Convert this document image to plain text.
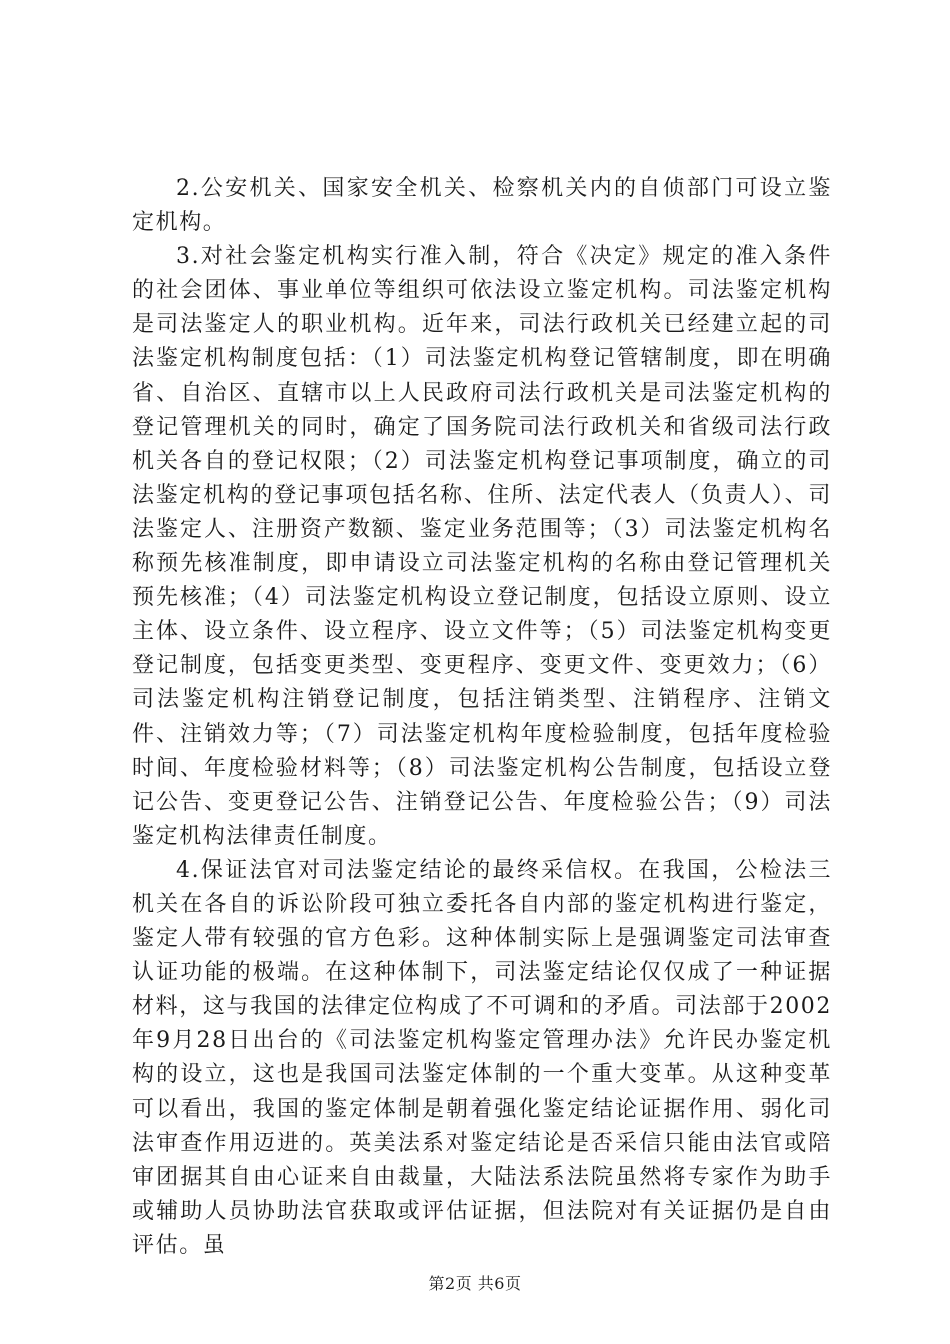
2.公安机关、国家安全机关、检察机关内的自侦部门可设立鉴定机构。

3.对社会鉴定机构实行准入制，符合《决定》规定的准入条件的社会团体、事业单位等组织可依法设立鉴定机构。司法鉴定机构是司法鉴定人的职业机构。近年来，司法行政机关已经建立起的司法鉴定机构制度包括：（1）司法鉴定机构登记管辖制度，即在明确省、自治区、直辖市以上人民政府司法行政机关是司法鉴定机构的登记管理机关的同时，确定了国务院司法行政机关和省级司法行政机关各自的登记权限；（2）司法鉴定机构登记事项制度，确立的司法鉴定机构的登记事项包括名称、住所、法定代表人（负责人）、司法鉴定人、注册资产数额、鉴定业务范围等；（3）司法鉴定机构名称预先核准制度，即申请设立司法鉴定机构的名称由登记管理机关预先核准；（4）司法鉴定机构设立登记制度，包括设立原则、设立主体、设立条件、设立程序、设立文件等；（5）司法鉴定机构变更登记制度，包括变更类型、变更程序、变更文件、变更效力；（6）司法鉴定机构注销登记制度，包括注销类型、注销程序、注销文件、注销效力等；（7）司法鉴定机构年度检验制度，包括年度检验时间、年度检验材料等；（8）司法鉴定机构公告制度，包括设立登记公告、变更登记公告、注销登记公告、年度检验公告；（9）司法鉴定机构法律责任制度。

4.保证法官对司法鉴定结论的最终采信权。在我国，公检法三机关在各自的诉讼阶段可独立委托各自内部的鉴定机构进行鉴定，鉴定人带有较强的官方色彩。这种体制实际上是强调鉴定司法审查认证功能的极端。在这种体制下，司法鉴定结论仅仅成了一种证据材料，这与我国的法律定位构成了不可调和的矛盾。司法部于2002年9月28日出台的《司法鉴定机构鉴定管理办法》允许民办鉴定机构的设立，这也是我国司法鉴定体制的一个重大变革。从这种变革可以看出，我国的鉴定体制是朝着强化鉴定结论证据作用、弱化司法审查作用迈进的。英美法系对鉴定结论是否采信只能由法官或陪审团据其自由心证来自由裁量，大陆法系法院虽然将专家作为助手或辅助人员协助法官获取或评估证据，但法院对有关证据仍是自由评估。虽

第2页 共6页
